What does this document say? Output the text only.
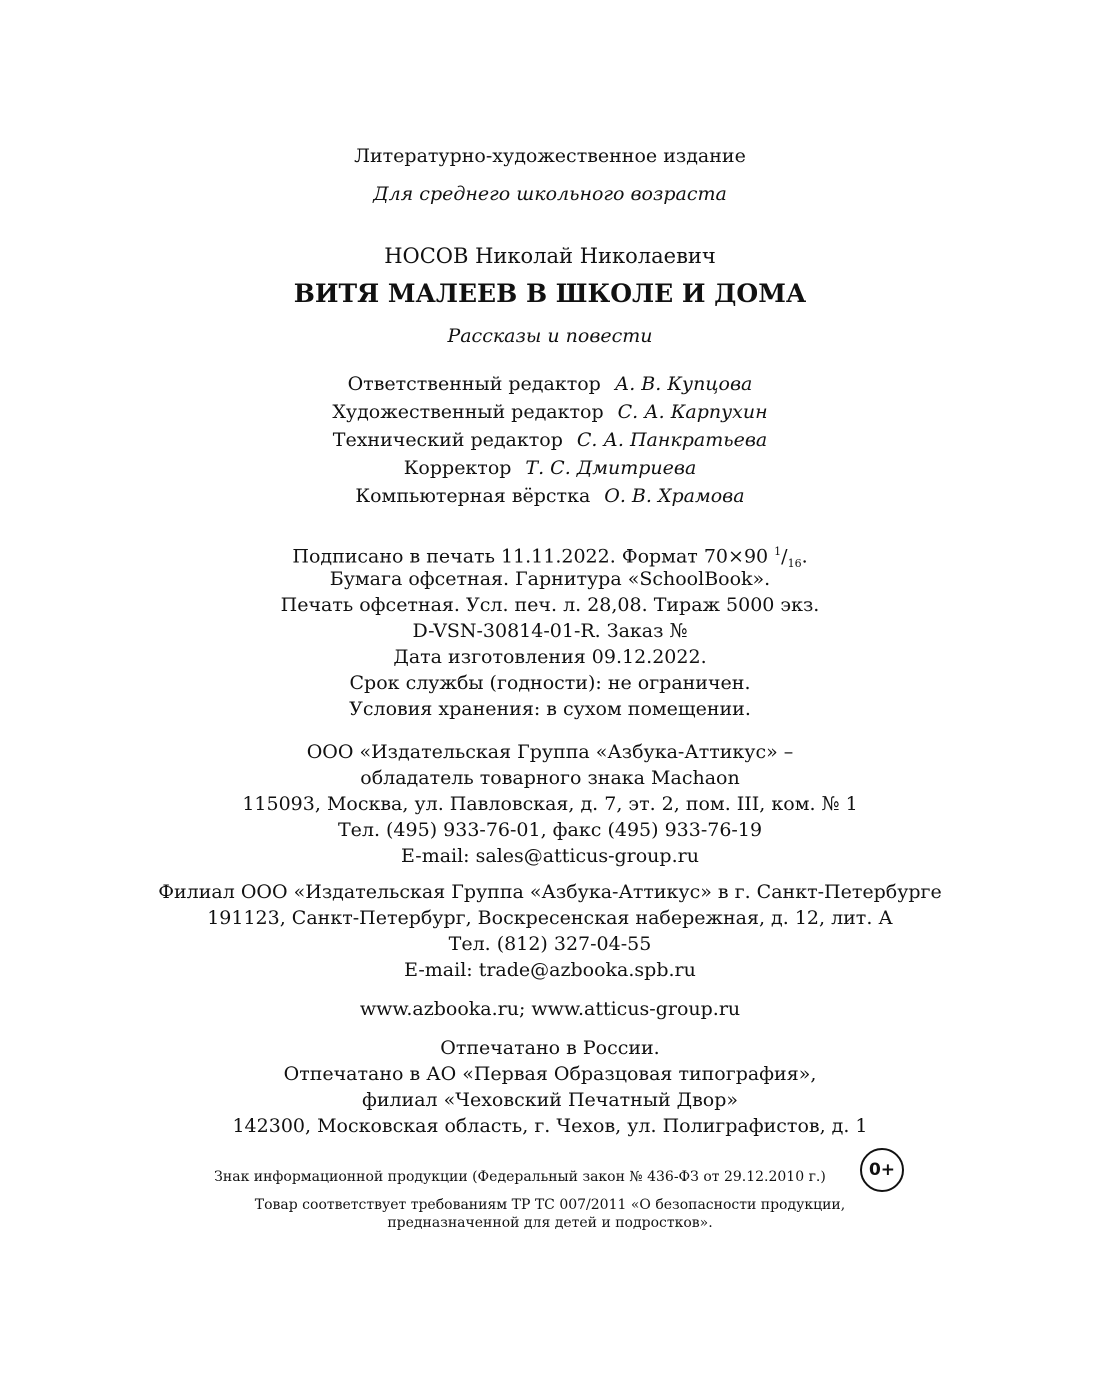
Литературно-художественное издание
Для среднего школьного возраста
НОСОВ Николай Николаевич
ВИТЯ МАЛЕЕВ В ШКОЛЕ И ДОМА
Рассказы и повести
Ответственный редактор А. В. Купцова
Художественный редактор С. А. Карпухин
Технический редактор С. А. Панкратьева
Корректор Т. С. Дмитриева
Компьютерная вёрстка О. В. Храмова
Подписано в печать 11.11.2022. Формат 70×90 $^1/_{16}$.
Бумага офсетная. Гарнитура «SchoolBook».
Печать офсетная. Усл. печ. л. 28,08. Тираж 5000 экз.
D-VSN-30814-01-R. Заказ №
Дата изготовления 09.12.2022.
Срок службы (годности): не ограничен.
Условия хранения: в сухом помещении.
ООО «Издательская Группа «Азбука-Аттикус» –
обладатель товарного знака Machaon
115093, Москва, ул. Павловская, д. 7, эт. 2, пом. III, ком. № 1
Тел. (495) 933-76-01, факс (495) 933-76-19
E-mail: sales@atticus-group.ru
Филиал ООО «Издательская Группа «Азбука-Аттикус» в г. Санкт-Петербурге
191123, Санкт-Петербург, Воскресенская набережная, д. 12, лит. А
Тел. (812) 327-04-55
E-mail: trade@azbooka.spb.ru
www.azbooka.ru; www.atticus-group.ru
Отпечатано в России.
Отпечатано в АО «Первая Образцовая типография»,
филиал «Чеховский Печатный Двор»
142300, Московская область, г. Чехов, ул. Полиграфистов, д. 1
Знак информационной продукции (Федеральный закон № 436-ФЗ от 29.12.2010 г.)	0+
Товар соответствует требованиям ТР ТС 007/2011 «О безопасности продукции,
предназначенной для детей и подростков».
